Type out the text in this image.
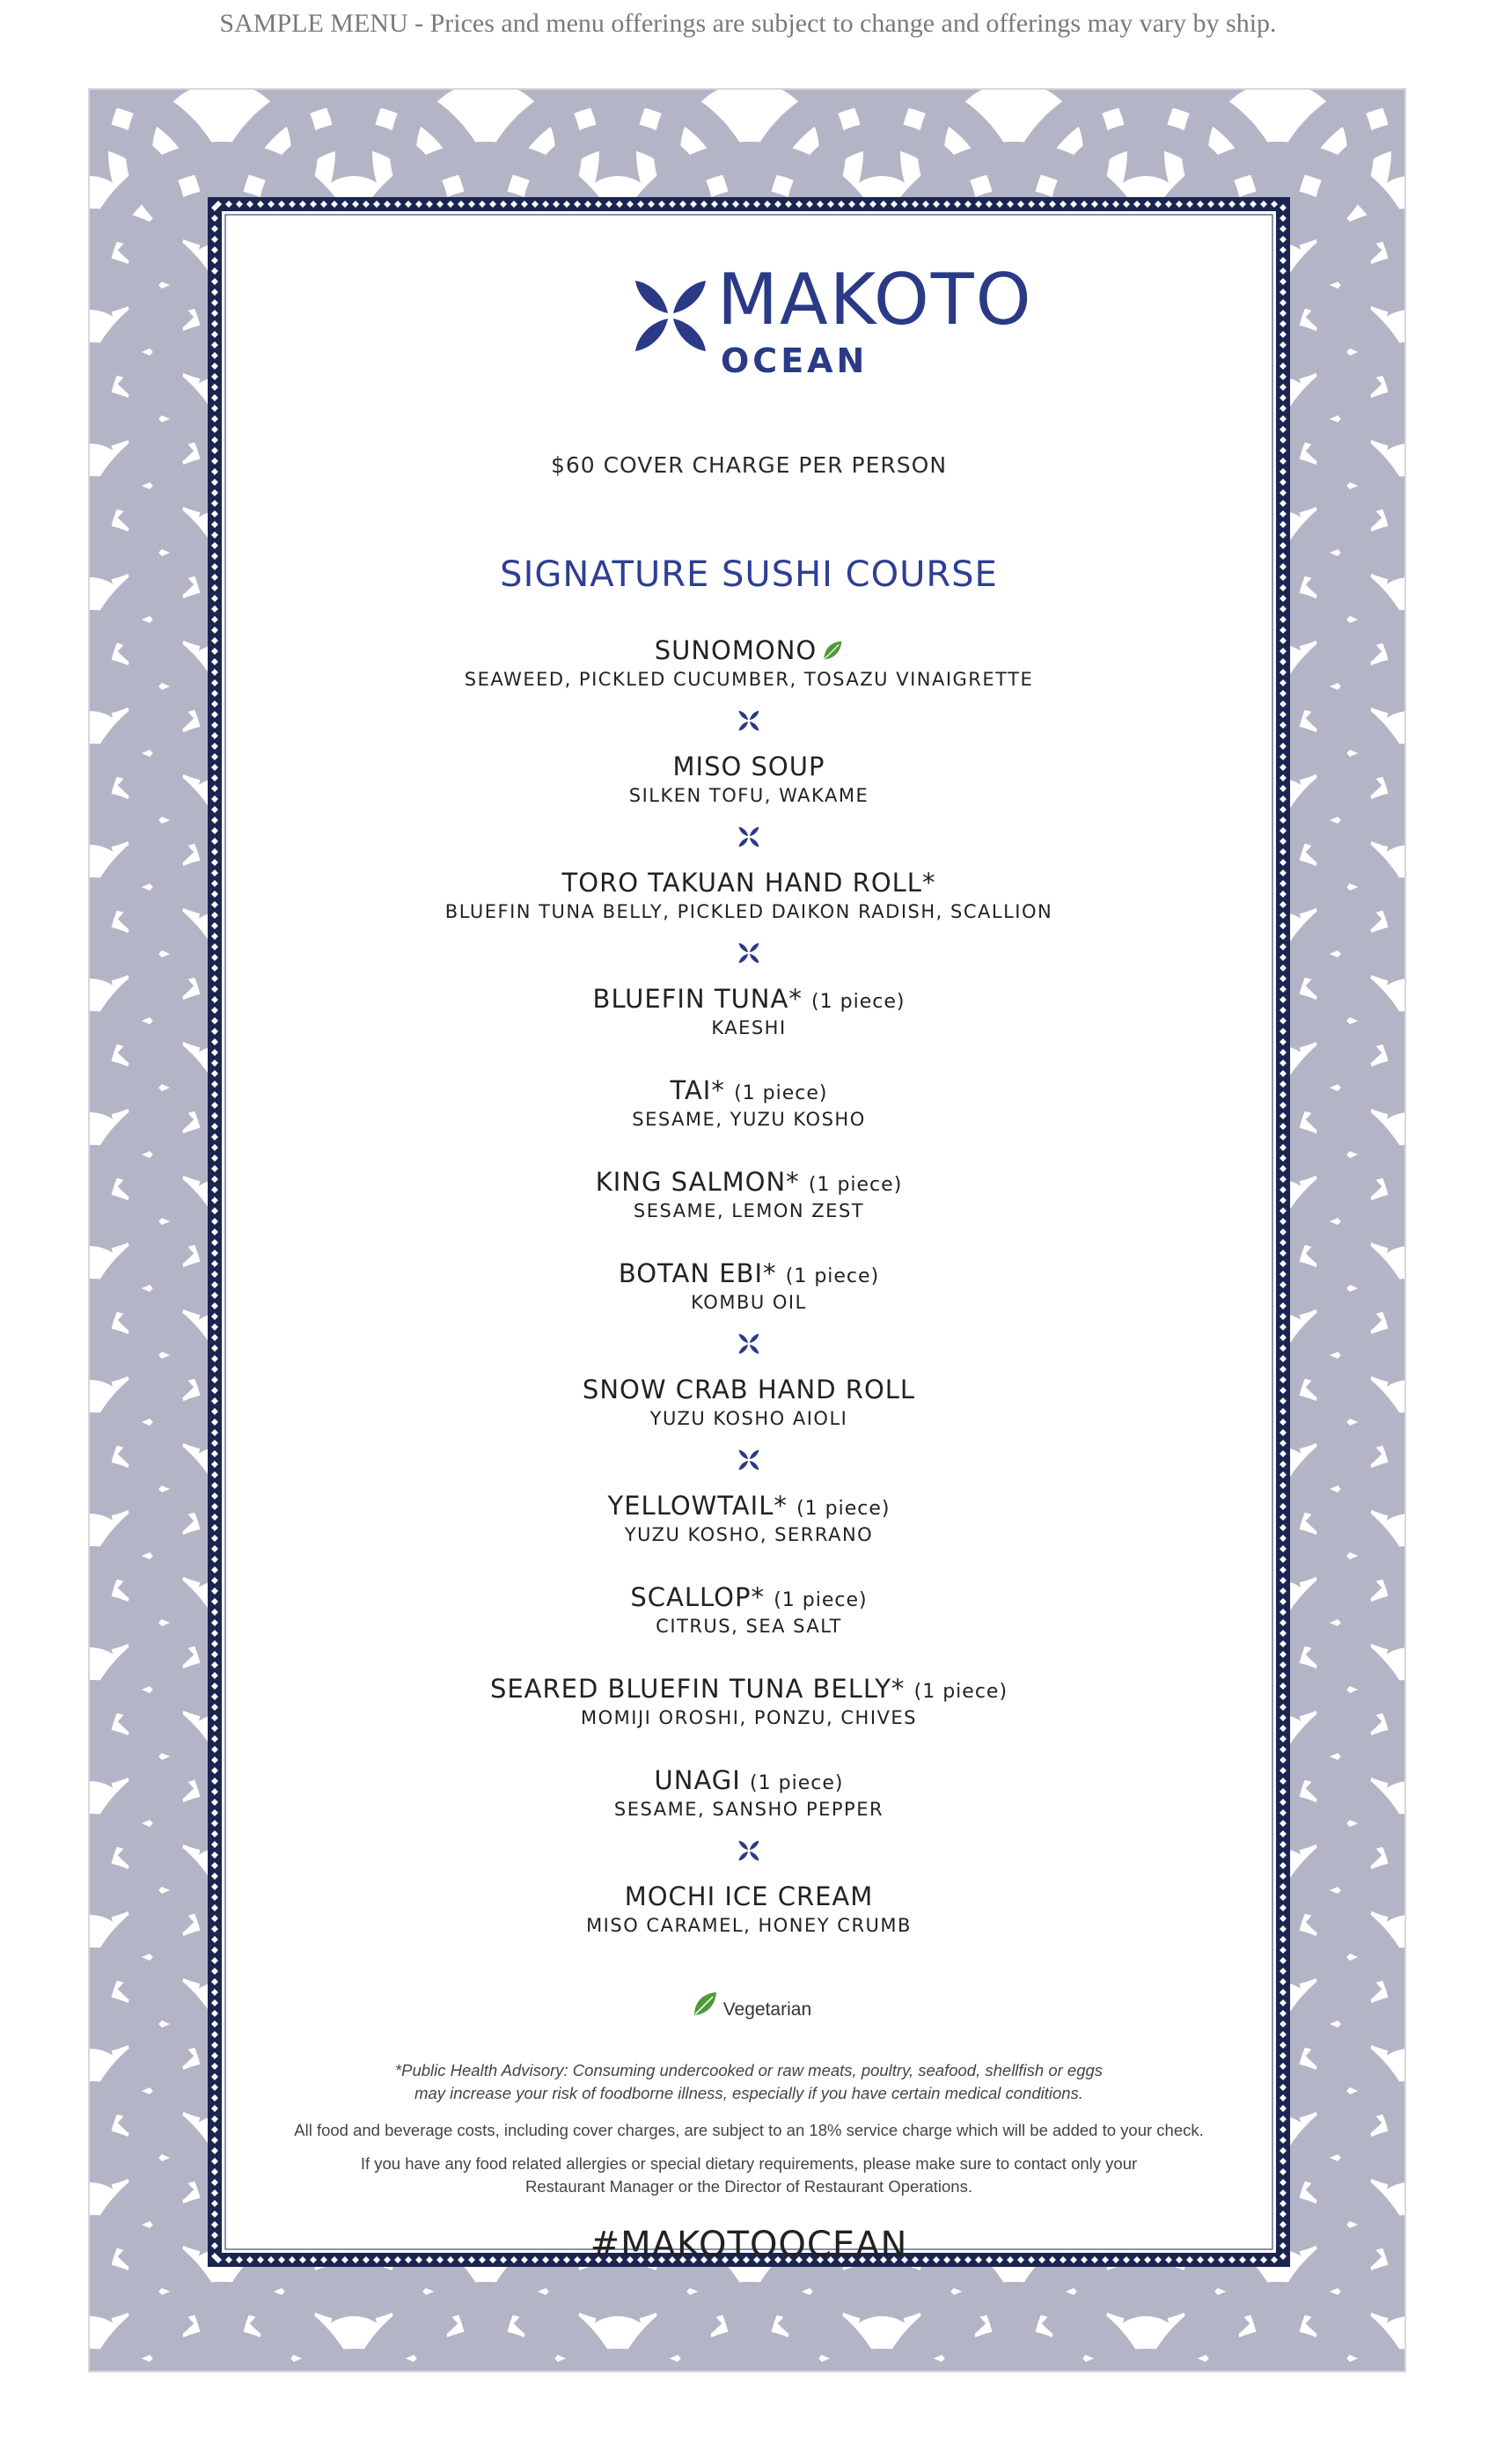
SAMPLE MENU - Prices and menu offerings are subject to change and offerings may vary by ship.
MAKOTO
OCEAN
$60 COVER CHARGE PER PERSON
SIGNATURE SUSHI COURSE
SUNOMONO
SEAWEED, PICKLED CUCUMBER, TOSAZU VINAIGRETTE
MISO SOUP
SILKEN TOFU, WAKAME
TORO TAKUAN HAND ROLL*
BLUEFIN TUNA BELLY, PICKLED DAIKON RADISH, SCALLION
BLUEFIN TUNA* (1 piece)
KAESHI
TAI* (1 piece)
SESAME, YUZU KOSHO
KING SALMON* (1 piece)
SESAME, LEMON ZEST
BOTAN EBI* (1 piece)
KOMBU OIL
SNOW CRAB HAND ROLL
YUZU KOSHO AIOLI
YELLOWTAIL* (1 piece)
YUZU KOSHO, SERRANO
SCALLOP* (1 piece)
CITRUS, SEA SALT
SEARED BLUEFIN TUNA BELLY* (1 piece)
MOMIJI OROSHI, PONZU, CHIVES
UNAGI (1 piece)
SESAME, SANSHO PEPPER
MOCHI ICE CREAM
MISO CARAMEL, HONEY CRUMB
Vegetarian
*Public Health Advisory: Consuming undercooked or raw meats, poultry, seafood, shellfish or eggs
may increase your risk of foodborne illness, especially if you have certain medical conditions.
All food and beverage costs, including cover charges, are subject to an 18% service charge which will be added to your check.
If you have any food related allergies or special dietary requirements, please make sure to contact only your
Restaurant Manager or the Director of Restaurant Operations.
#MAKOTOOCEAN
